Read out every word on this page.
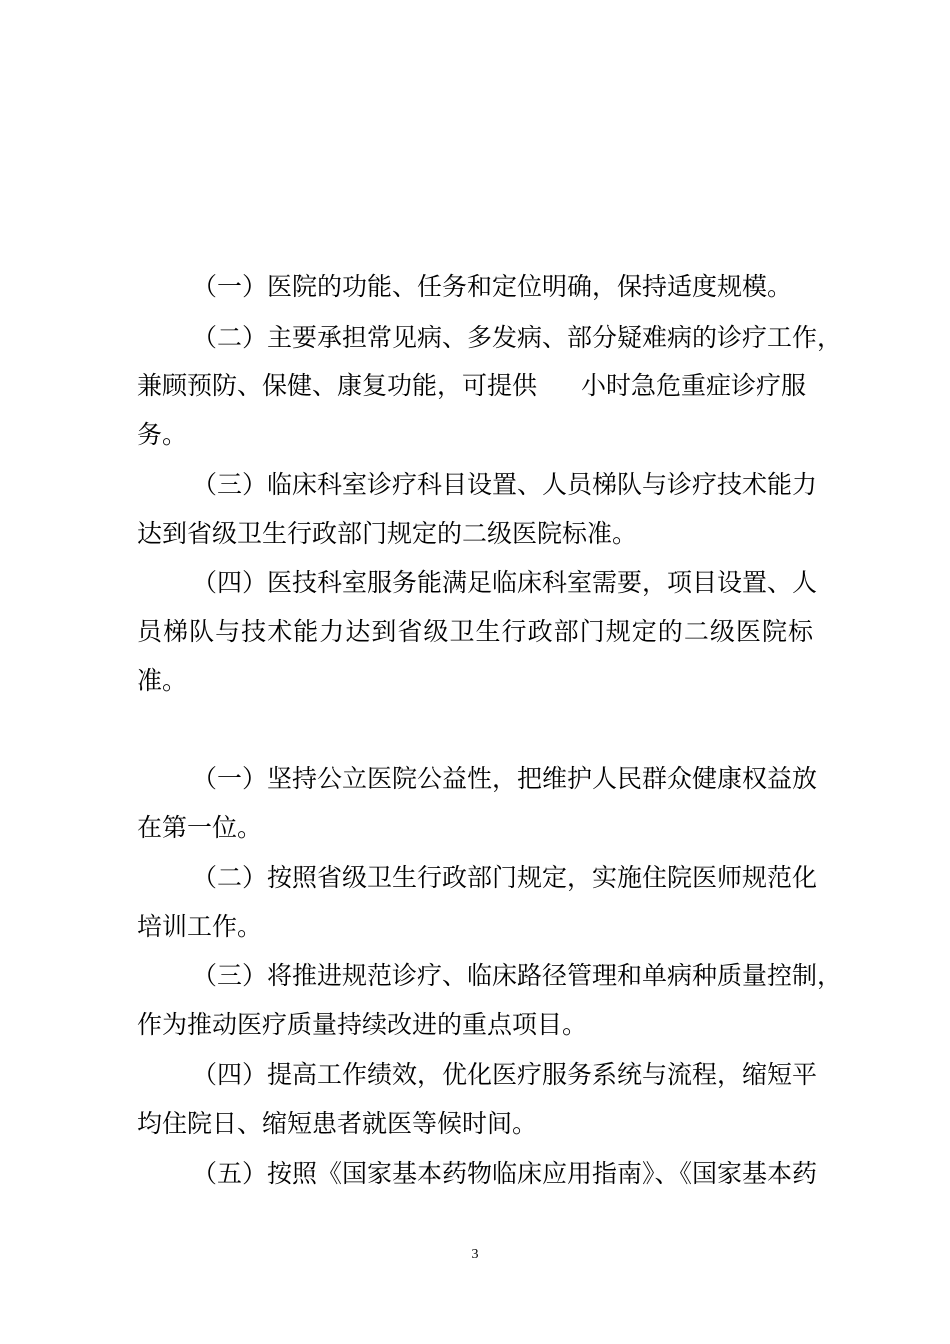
（一）医院的功能、任务和定位明确，保持适度规模。

（二）主要承担常见病、多发病、部分疑难病的诊疗工作，

兼顾预防、保健、康复功能，可提供 小时急危重症诊疗服

务。

（三）临床科室诊疗科目设置、人员梯队与诊疗技术能力

达到省级卫生行政部门规定的二级医院标准。

（四）医技科室服务能满足临床科室需要，项目设置、人

员梯队与技术能力达到省级卫生行政部门规定的二级医院标

准。

（一）坚持公立医院公益性，把维护人民群众健康权益放

在第一位。

（二）按照省级卫生行政部门规定，实施住院医师规范化

培训工作。

（三）将推进规范诊疗、临床路径管理和单病种质量控制，

作为推动医疗质量持续改进的重点项目。

（四）提高工作绩效，优化医疗服务系统与流程，缩短平

均住院日、缩短患者就医等候时间。

（五）按照《国家基本药物临床应用指南》、《国家基本药

3
